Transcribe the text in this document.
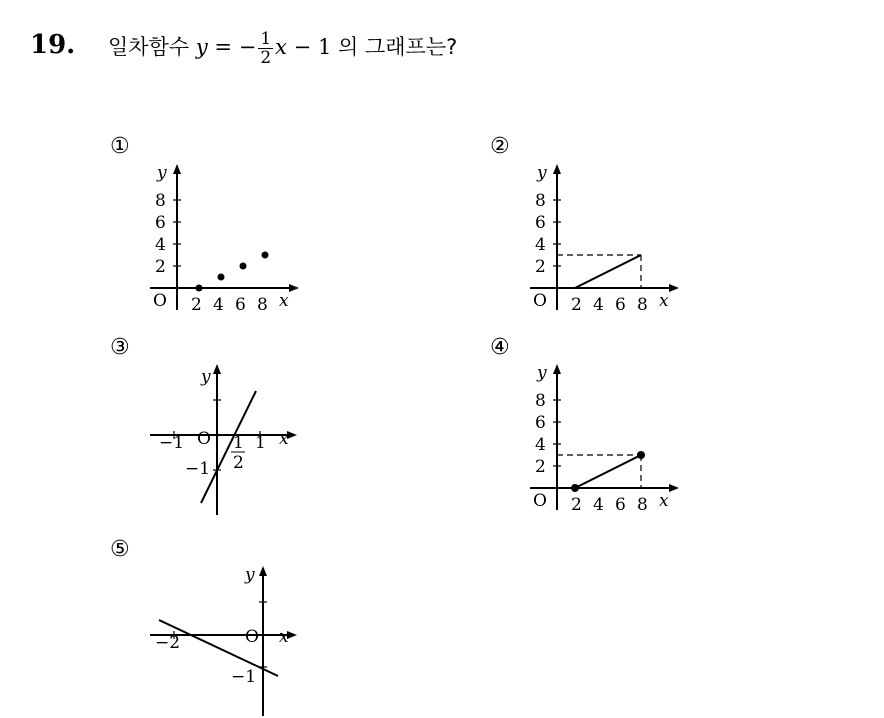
19. 일차함수 y = − $\frac{1}{2}$ x − 1 의 그래프는?
①
8
6
4
2
O 2 4 6 8 x
y
②
8
6
4
2
O 2 4 6 8 x
y
③
y
x
−1	1
O
−1
1
2
④
8
6
4
2
O 2 4 6 8 x
y
⑤
y
x
O
−2
−1
